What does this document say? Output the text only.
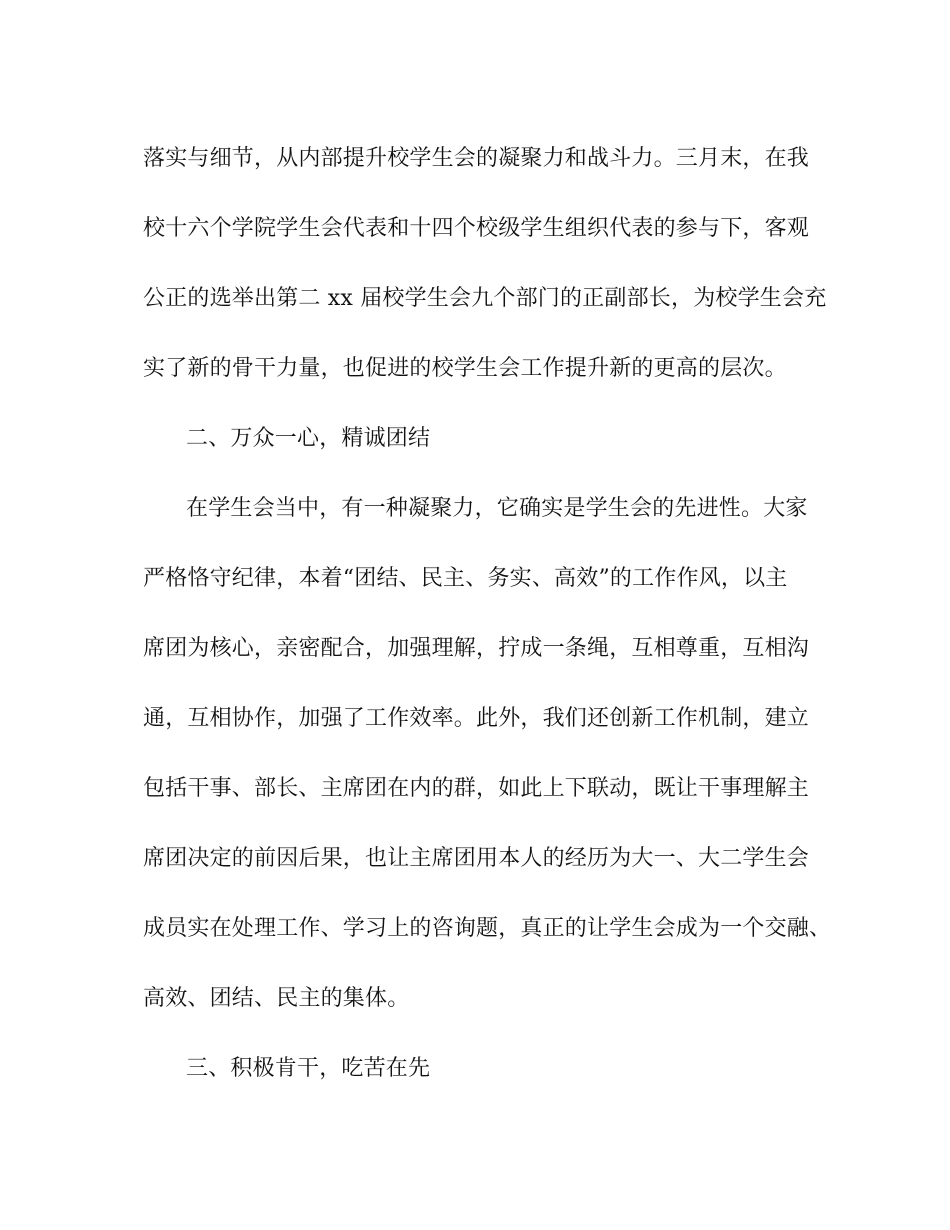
落实与细节，从内部提升校学生会的凝聚力和战斗力。三月末，在我
校十六个学院学生会代表和十四个校级学生组织代表的参与下，客观
公正的选举出第二 xx 届校学生会九个部门的正副部长，为校学生会充
实了新的骨干力量，也促进的校学生会工作提升新的更高的层次。
二、万众一心，精诚团结
在学生会当中，有一种凝聚力，它确实是学生会的先进性。大家
严格恪守纪律，本着“团结、民主、务实、高效”的工作作风，以主
席团为核心，亲密配合，加强理解，拧成一条绳，互相尊重，互相沟
通，互相协作，加强了工作效率。此外，我们还创新工作机制，建立
包括干事、部长、主席团在内的群，如此上下联动，既让干事理解主
席团决定的前因后果，也让主席团用本人的经历为大一、大二学生会
成员实在处理工作、学习上的咨询题，真正的让学生会成为一个交融、
高效、团结、民主的集体。
三、积极肯干，吃苦在先
